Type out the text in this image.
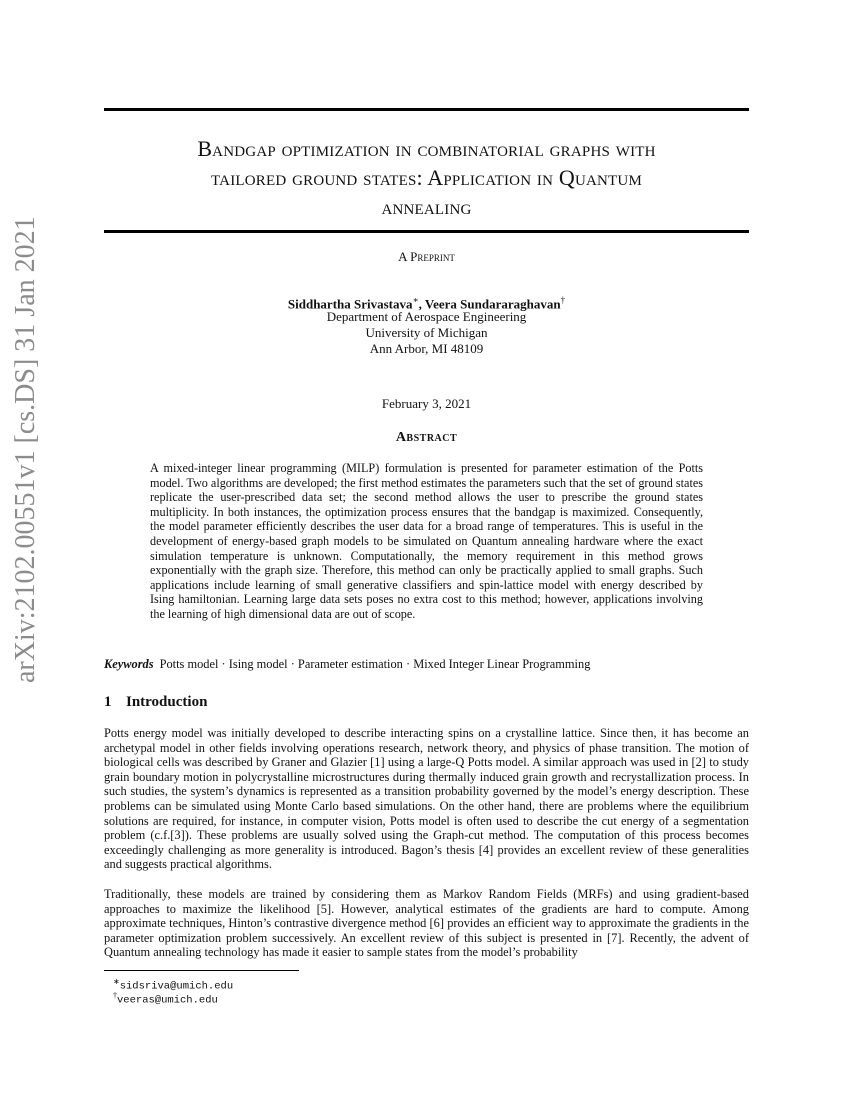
arXiv:2102.00551v1 [cs.DS] 31 Jan 2021
Bandgap optimization in combinatorial graphs with
tailored ground states: Application in Quantum
annealing
A Preprint
Siddhartha Srivastava∗, Veera Sundararaghavan†
Department of Aerospace Engineering
University of Michigan
Ann Arbor, MI 48109
February 3, 2021
Abstract
A mixed-integer linear programming (MILP) formulation is presented for parameter estimation of the Potts model. Two algorithms are developed; the first method estimates the parameters such that the set of ground states replicate the user-prescribed data set; the second method allows the user to prescribe the ground states multiplicity. In both instances, the optimization process ensures that the bandgap is maximized. Consequently, the model parameter efficiently describes the user data for a broad range of temperatures. This is useful in the development of energy-based graph models to be simulated on Quantum annealing hardware where the exact simulation temperature is unknown. Computationally, the memory requirement in this method grows exponentially with the graph size. Therefore, this method can only be practically applied to small graphs. Such applications include learning of small generative classifiers and spin-lattice model with energy described by Ising hamiltonian. Learning large data sets poses no extra cost to this method; however, applications involving the learning of high dimensional data are out of scope.
Keywords Potts model · Ising model · Parameter estimation · Mixed Integer Linear Programming
1 Introduction
Potts energy model was initially developed to describe interacting spins on a crystalline lattice. Since then, it has become an archetypal model in other fields involving operations research, network theory, and physics of phase transition. The motion of biological cells was described by Graner and Glazier [1] using a large-Q Potts model. A similar approach was used in [2] to study grain boundary motion in polycrystalline microstructures during thermally induced grain growth and recrystallization process. In such studies, the system’s dynamics is represented as a transition probability governed by the model’s energy description. These problems can be simulated using Monte Carlo based simulations. On the other hand, there are problems where the equilibrium solutions are required, for instance, in computer vision, Potts model is often used to describe the cut energy of a segmentation problem (c.f.[3]). These problems are usually solved using the Graph-cut method. The computation of this process becomes exceedingly challenging as more generality is introduced. Bagon’s thesis [4] provides an excellent review of these generalities and suggests practical algorithms.
Traditionally, these models are trained by considering them as Markov Random Fields (MRFs) and using gradient-based approaches to maximize the likelihood [5]. However, analytical estimates of the gradients are hard to compute. Among approximate techniques, Hinton’s contrastive divergence method [6] provides an efficient way to approximate the gradients in the parameter optimization problem successively. An excellent review of this subject is presented in [7]. Recently, the advent of Quantum annealing technology has made it easier to sample states from the model’s probability
∗sidsriva@umich.edu
†veeras@umich.edu
